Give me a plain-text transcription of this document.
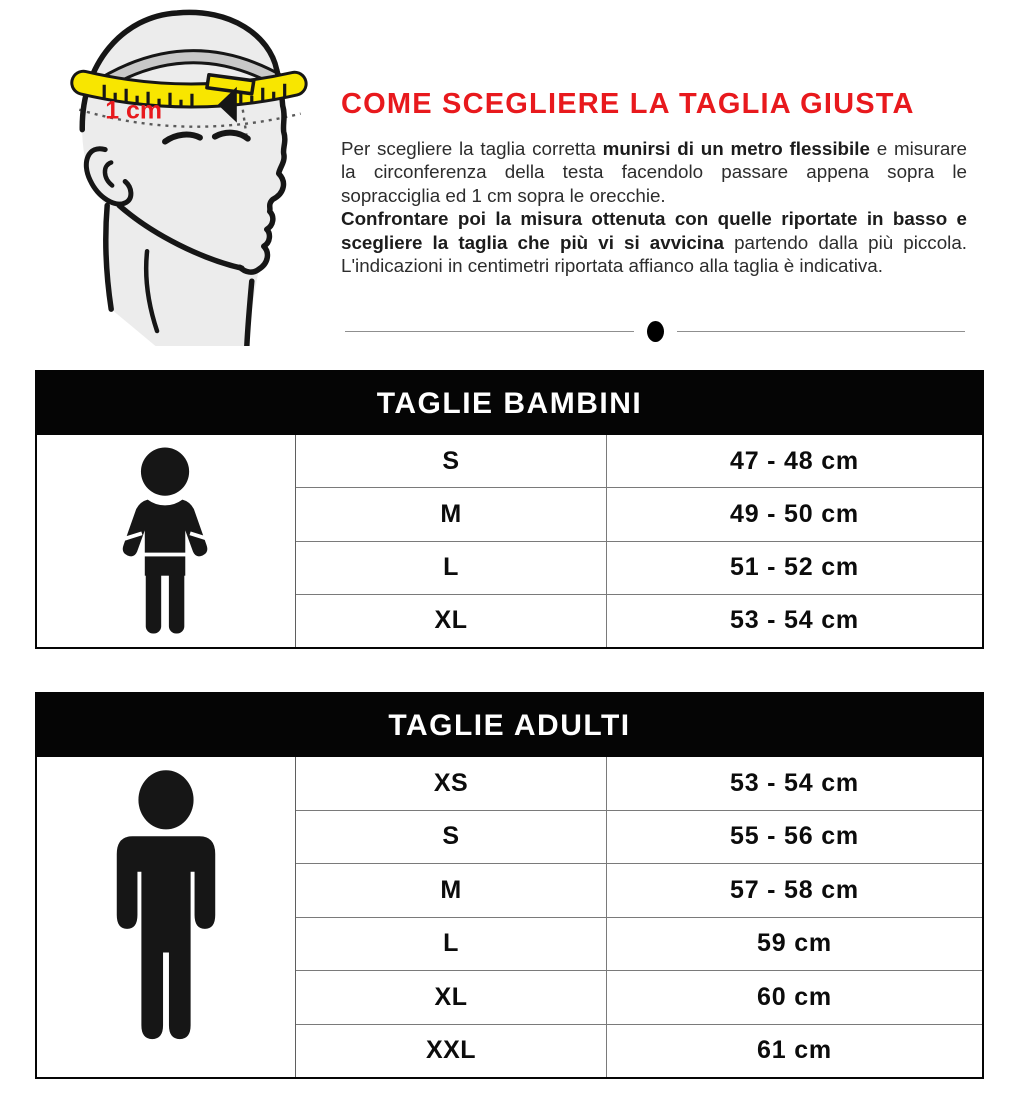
1 cm	COME SCEGLIERE LA TAGLIA GIUSTA

Per scegliere la taglia corretta munirsi di un metro flessibile e misurare la circonferenza della testa facendolo passare appena sopra le sopracciglia ed 1 cm sopra le orecchie.

Confrontare poi la misura ottenuta con quelle riportate in basso e scegliere la taglia che più vi si avvicina partendo dalla più piccola. L'indicazioni in centimetri riportata affianco alla taglia è indicativa.

TAGLIE BAMBINI
S	47 - 48 cm
M	49 - 50 cm
L	51 - 52 cm
XL	53 - 54 cm
TAGLIE ADULTI
XS	53 - 54 cm
S	55 - 56 cm
M	57 - 58 cm
L	59 cm
XL	60 cm
XXL	61 cm
